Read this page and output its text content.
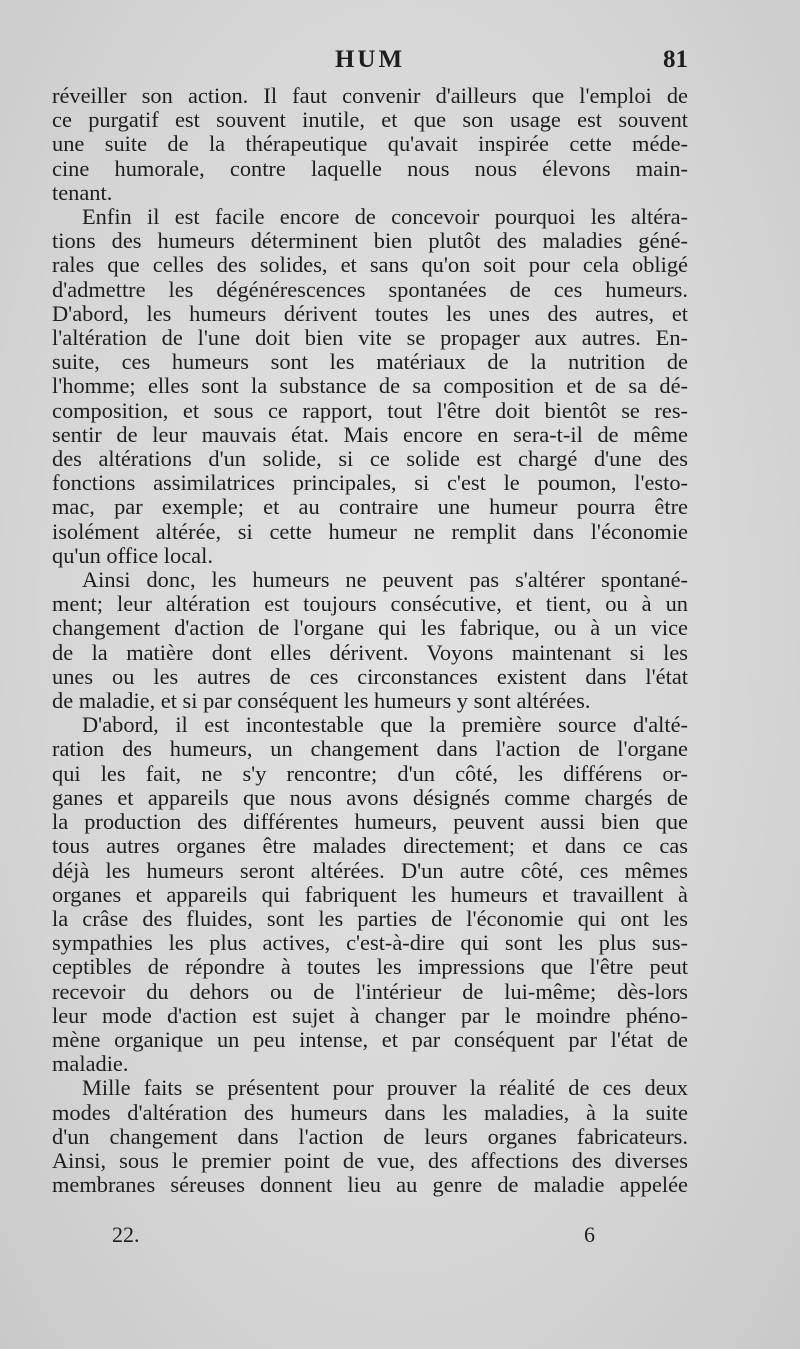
HUM	81

réveiller son action. Il faut convenir d'ailleurs que l'emploi de

ce purgatif est souvent inutile, et que son usage est souvent

une suite de la thérapeutique qu'avait inspirée cette méde-

cine humorale, contre laquelle nous nous élevons main-

tenant.

Enfin il est facile encore de concevoir pourquoi les altéra-

tions des humeurs déterminent bien plutôt des maladies géné-

rales que celles des solides, et sans qu'on soit pour cela obligé

d'admettre les dégénérescences spontanées de ces humeurs.

D'abord, les humeurs dérivent toutes les unes des autres, et

l'altération de l'une doit bien vite se propager aux autres. En-

suite, ces humeurs sont les matériaux de la nutrition de

l'homme; elles sont la substance de sa composition et de sa dé-

composition, et sous ce rapport, tout l'être doit bientôt se res-

sentir de leur mauvais état. Mais encore en sera-t-il de même

des altérations d'un solide, si ce solide est chargé d'une des

fonctions assimilatrices principales, si c'est le poumon, l'esto-

mac, par exemple; et au contraire une humeur pourra être

isolément altérée, si cette humeur ne remplit dans l'économie

qu'un office local.

Ainsi donc, les humeurs ne peuvent pas s'altérer spontané-

ment; leur altération est toujours consécutive, et tient, ou à un

changement d'action de l'organe qui les fabrique, ou à un vice

de la matière dont elles dérivent. Voyons maintenant si les

unes ou les autres de ces circonstances existent dans l'état

de maladie, et si par conséquent les humeurs y sont altérées.

D'abord, il est incontestable que la première source d'alté-

ration des humeurs, un changement dans l'action de l'organe

qui les fait, ne s'y rencontre; d'un côté, les différens or-

ganes et appareils que nous avons désignés comme chargés de

la production des différentes humeurs, peuvent aussi bien que

tous autres organes être malades directement; et dans ce cas

déjà les humeurs seront altérées. D'un autre côté, ces mêmes

organes et appareils qui fabriquent les humeurs et travaillent à

la crâse des fluides, sont les parties de l'économie qui ont les

sympathies les plus actives, c'est-à-dire qui sont les plus sus-

ceptibles de répondre à toutes les impressions que l'être peut

recevoir du dehors ou de l'intérieur de lui-même; dès-lors

leur mode d'action est sujet à changer par le moindre phéno-

mène organique un peu intense, et par conséquent par l'état de

maladie.

Mille faits se présentent pour prouver la réalité de ces deux

modes d'altération des humeurs dans les maladies, à la suite

d'un changement dans l'action de leurs organes fabricateurs.

Ainsi, sous le premier point de vue, des affections des diverses

membranes séreuses donnent lieu au genre de maladie appelée

22.	6
